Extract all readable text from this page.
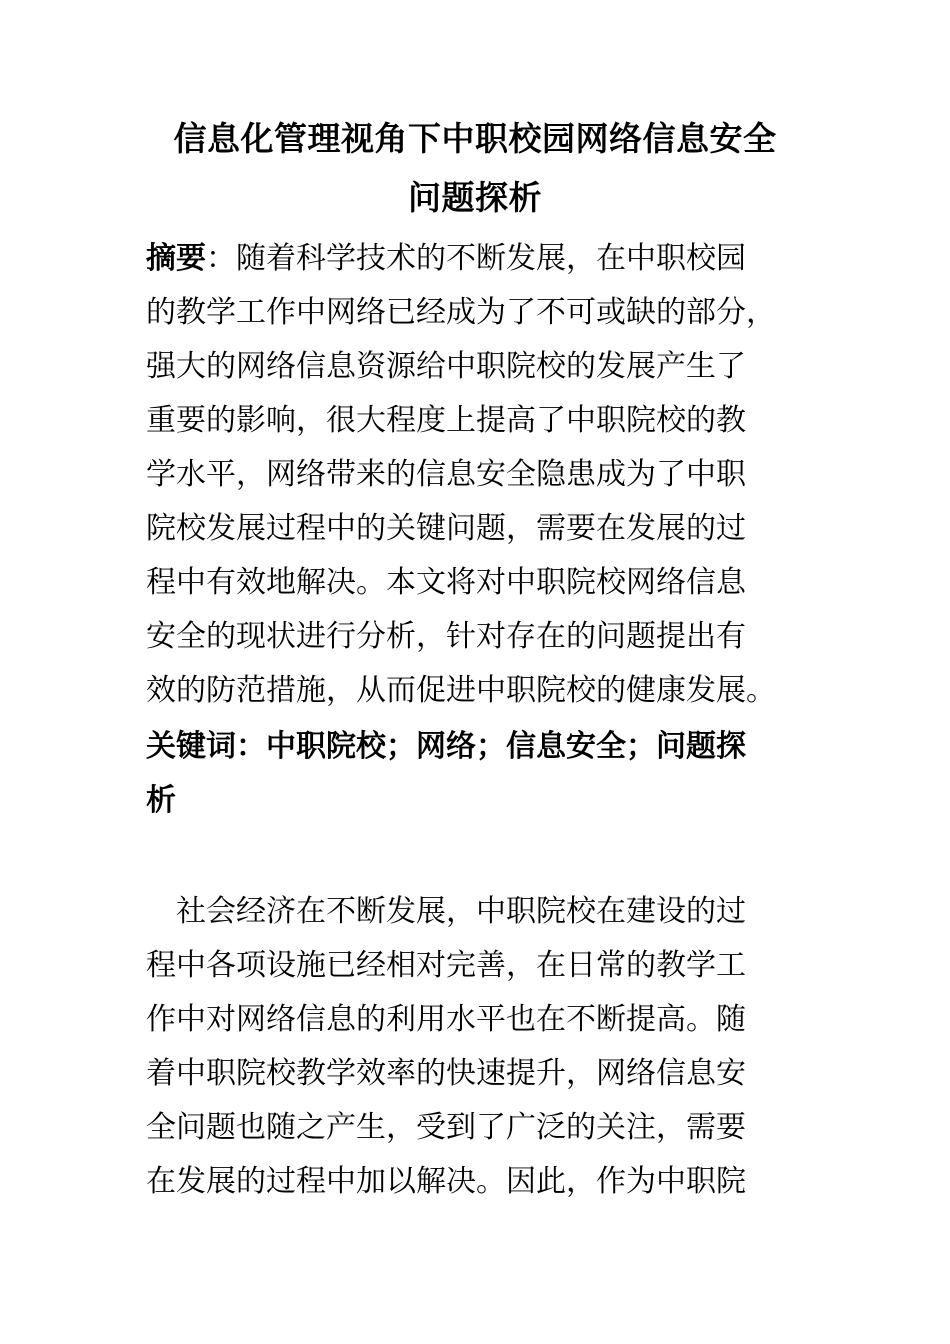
信息化管理视角下中职校园网络信息安全
问题探析
摘要：随着科学技术的不断发展，在中职校园
的教学工作中网络已经成为了不可或缺的部分，
强大的网络信息资源给中职院校的发展产生了
重要的影响，很大程度上提高了中职院校的教
学水平，网络带来的信息安全隐患成为了中职
院校发展过程中的关键问题，需要在发展的过
程中有效地解决。本文将对中职院校网络信息
安全的现状进行分析，针对存在的问题提出有
效的防范措施，从而促进中职院校的健康发展。
关键词：中职院校；网络；信息安全；问题探
析
社会经济在不断发展，中职院校在建设的过
程中各项设施已经相对完善，在日常的教学工
作中对网络信息的利用水平也在不断提高。随
着中职院校教学效率的快速提升，网络信息安
全问题也随之产生，受到了广泛的关注，需要
在发展的过程中加以解决。因此，作为中职院
